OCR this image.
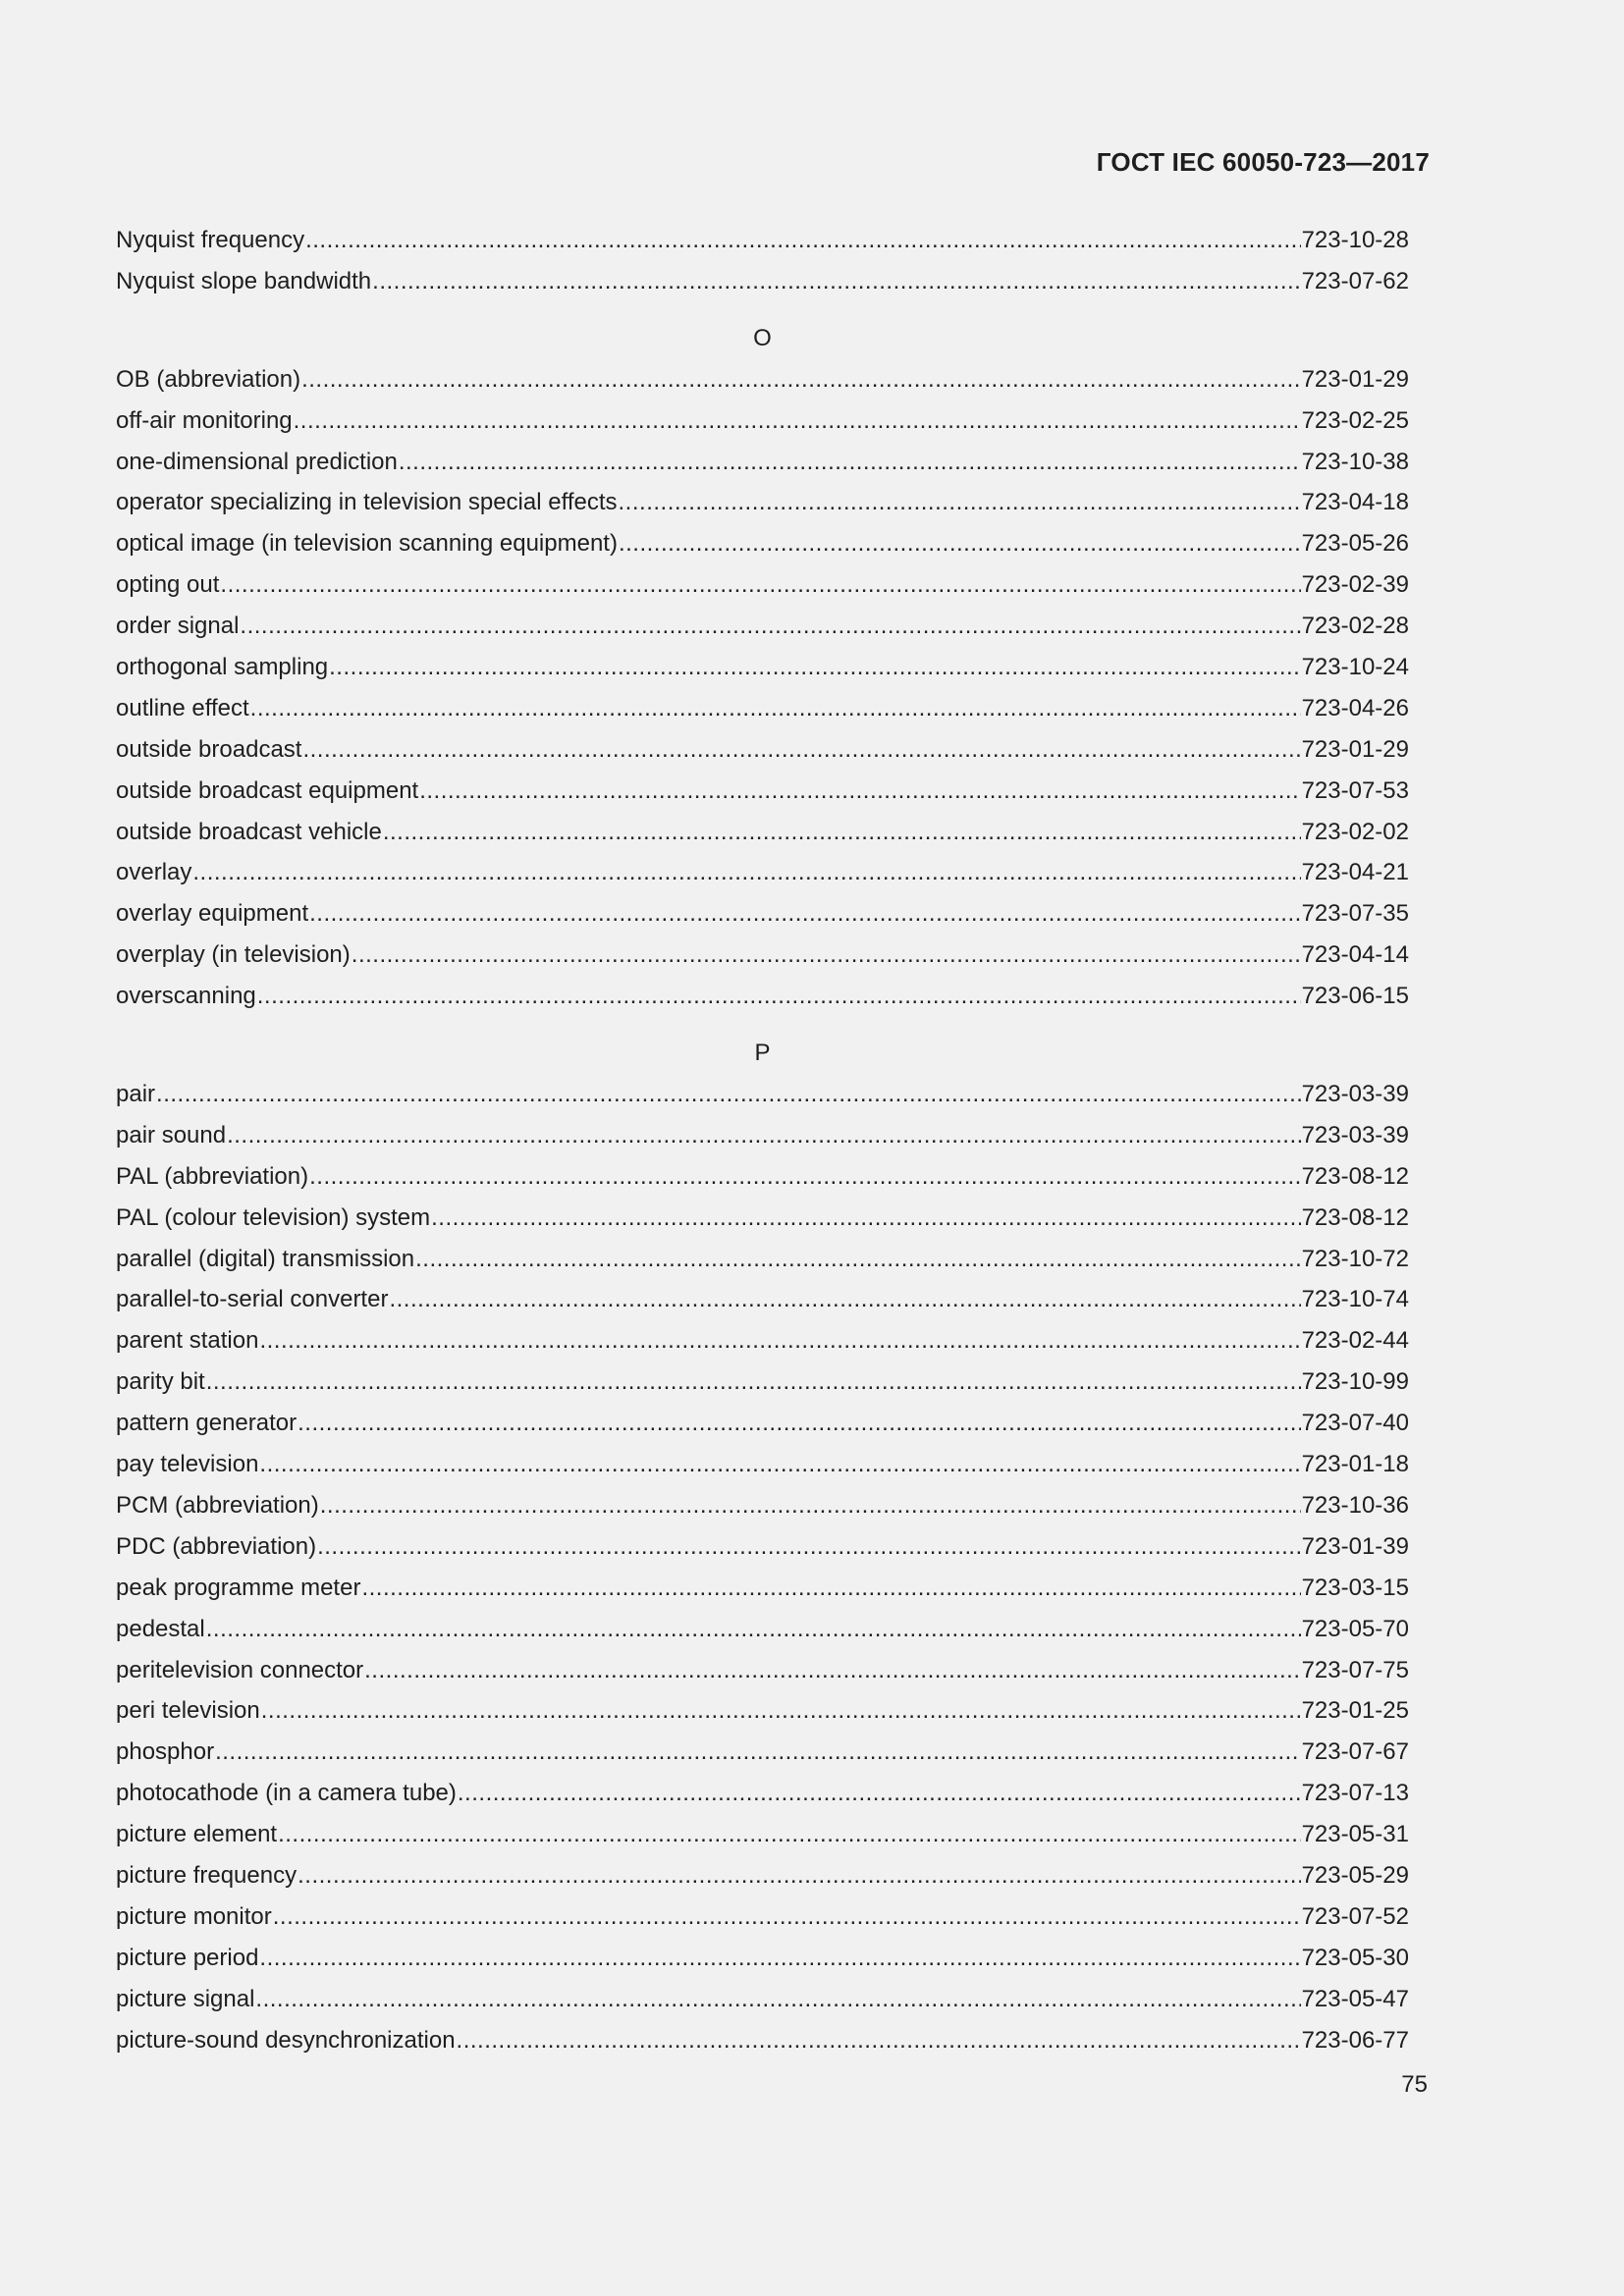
ГОСТ IEC 60050-723—2017
Nyquist frequency .....	723-10-28
Nyquist slope bandwidth .....	723-07-62
O
OB (abbreviation) .....	723-01-29
off-air monitoring .....	723-02-25
one-dimensional prediction .....	723-10-38
operator specializing in television special effects .....	723-04-18
optical image (in television scanning equipment) .....	723-05-26
opting out .....	723-02-39
order signal .....	723-02-28
orthogonal sampling .....	723-10-24
outline effect .....	723-04-26
outside broadcast .....	723-01-29
outside broadcast equipment .....	723-07-53
outside broadcast vehicle .....	723-02-02
overlay .....	723-04-21
overlay equipment .....	723-07-35
overplay (in television) .....	723-04-14
overscanning .....	723-06-15
P
pair .....	723-03-39
pair sound .....	723-03-39
PAL (abbreviation) .....	723-08-12
PAL (colour television) system .....	723-08-12
parallel (digital) transmission .....	723-10-72
parallel-to-serial converter .....	723-10-74
parent station .....	723-02-44
parity bit .....	723-10-99
pattern generator .....	723-07-40
pay television .....	723-01-18
PCM (abbreviation) .....	723-10-36
PDC (abbreviation) .....	723-01-39
peak programme meter .....	723-03-15
pedestal .....	723-05-70
peritelevision connector .....	723-07-75
peri television .....	723-01-25
phosphor .....	723-07-67
photocathode (in a camera tube) .....	723-07-13
picture element .....	723-05-31
picture frequency .....	723-05-29
picture monitor .....	723-07-52
picture period .....	723-05-30
picture signal .....	723-05-47
picture-sound desynchronization .....	723-06-77
75
